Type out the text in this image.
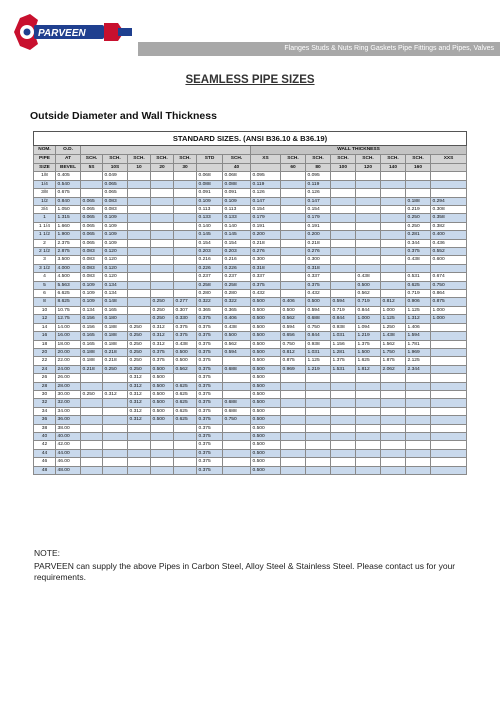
PARVEEN
Flanges Studs & Nuts Ring Gaskets Pipe Fittings and Pipes, Valves
SEAMLESS PIPE SIZES
Outside Diameter and Wall Thickness
STANDARD SIZES. (ANSI B36.10 & B36.19)																
NOM.	O.D.								WALL THICKNESS							
PIPE	AT	SCH.	SCH.	SCH.	SCH.	SCH.	STD	SCH.	XS	SCH.	SCH.	SCH.	SCH.	SCH.	SCH.	XXS
SIZE	BEVEL	5S	10S	10	20	30		40		60	80	100	120	140	160	
1/8	0.405		0.049				0.068	0.068	0.095		0.095					
1/4	0.540		0.065				0.088	0.088	0.119		0.119					
3/8	0.675		0.065				0.091	0.091	0.126		0.126					
1/2	0.840	0.065	0.083				0.109	0.109	0.147		0.147				0.188	0.294
3/4	1.050	0.065	0.083				0.113	0.113	0.154		0.154				0.219	0.308
1	1.315	0.065	0.109				0.133	0.133	0.179		0.179				0.250	0.358
1 1/4	1.660	0.065	0.109				0.140	0.140	0.191		0.191				0.250	0.382
1 1/2	1.900	0.065	0.109				0.145	0.145	0.200		0.200				0.281	0.400
2	2.375	0.065	0.109				0.154	0.154	0.218		0.218				0.344	0.436
2 1/2	2.875	0.083	0.120				0.203	0.203	0.276		0.276				0.375	0.552
3	3.500	0.083	0.120				0.216	0.216	0.300		0.300				0.438	0.600
3 1/2	4.000	0.083	0.120				0.226	0.226	0.318		0.318					
4	4.500	0.083	0.120				0.237	0.237	0.337		0.337		0.438		0.531	0.674
5	5.563	0.109	0.134				0.258	0.258	0.375		0.375		0.500		0.625	0.750
6	6.625	0.109	0.134				0.280	0.280	0.432		0.432		0.562		0.719	0.864
8	8.625	0.109	0.148		0.250	0.277	0.322	0.322	0.500	0.406	0.500	0.594	0.719	0.812	0.906	0.875
10	10.75	0.134	0.165		0.250	0.307	0.365	0.365	0.500	0.500	0.594	0.719	0.844	1.000	1.125	1.000
12	12.75	0.156	0.180		0.250	0.330	0.375	0.406	0.500	0.562	0.688	0.844	1.000	1.125	1.312	1.000
14	14.00	0.156	0.188	0.250	0.312	0.375	0.375	0.438	0.500	0.594	0.750	0.938	1.094	1.250	1.406	
16	16.00	0.165	0.188	0.250	0.312	0.375	0.375	0.500	0.500	0.656	0.844	1.031	1.219	1.438	1.594	
18	18.00	0.165	0.188	0.250	0.312	0.438	0.375	0.562	0.500	0.750	0.938	1.156	1.375	1.562	1.781	
20	20.00	0.188	0.218	0.250	0.375	0.500	0.375	0.594	0.500	0.812	1.031	1.281	1.500	1.750	1.969	
22	22.00	0.188	0.218	0.250	0.375	0.500	0.375		0.500	0.875	1.125	1.375	1.625	1.875	2.125	
24	24.00	0.218	0.250	0.250	0.500	0.562	0.375	0.688	0.500	0.969	1.219	1.531	1.812	2.062	2.344	
26	26.00			0.312	0.500		0.375		0.500							
28	28.00			0.312	0.500	0.625	0.375		0.500							
30	30.00	0.250	0.312	0.312	0.500	0.625	0.375		0.500							
32	32.00			0.312	0.500	0.625	0.375	0.688	0.500							
34	34.00			0.312	0.500	0.625	0.375	0.688	0.500							
36	36.00			0.312	0.500	0.625	0.375	0.750	0.500							
38	38.00						0.375		0.500							
40	40.00						0.375		0.500							
42	42.00						0.375		0.500							
44	44.00						0.375		0.500							
46	46.00						0.375		0.500							
48	48.00						0.375		0.500							
NOTE:
PARVEEN can supply the above Pipes in Carbon Steel, Alloy Steel & Stainless Steel. Please contact us for your requirements.
